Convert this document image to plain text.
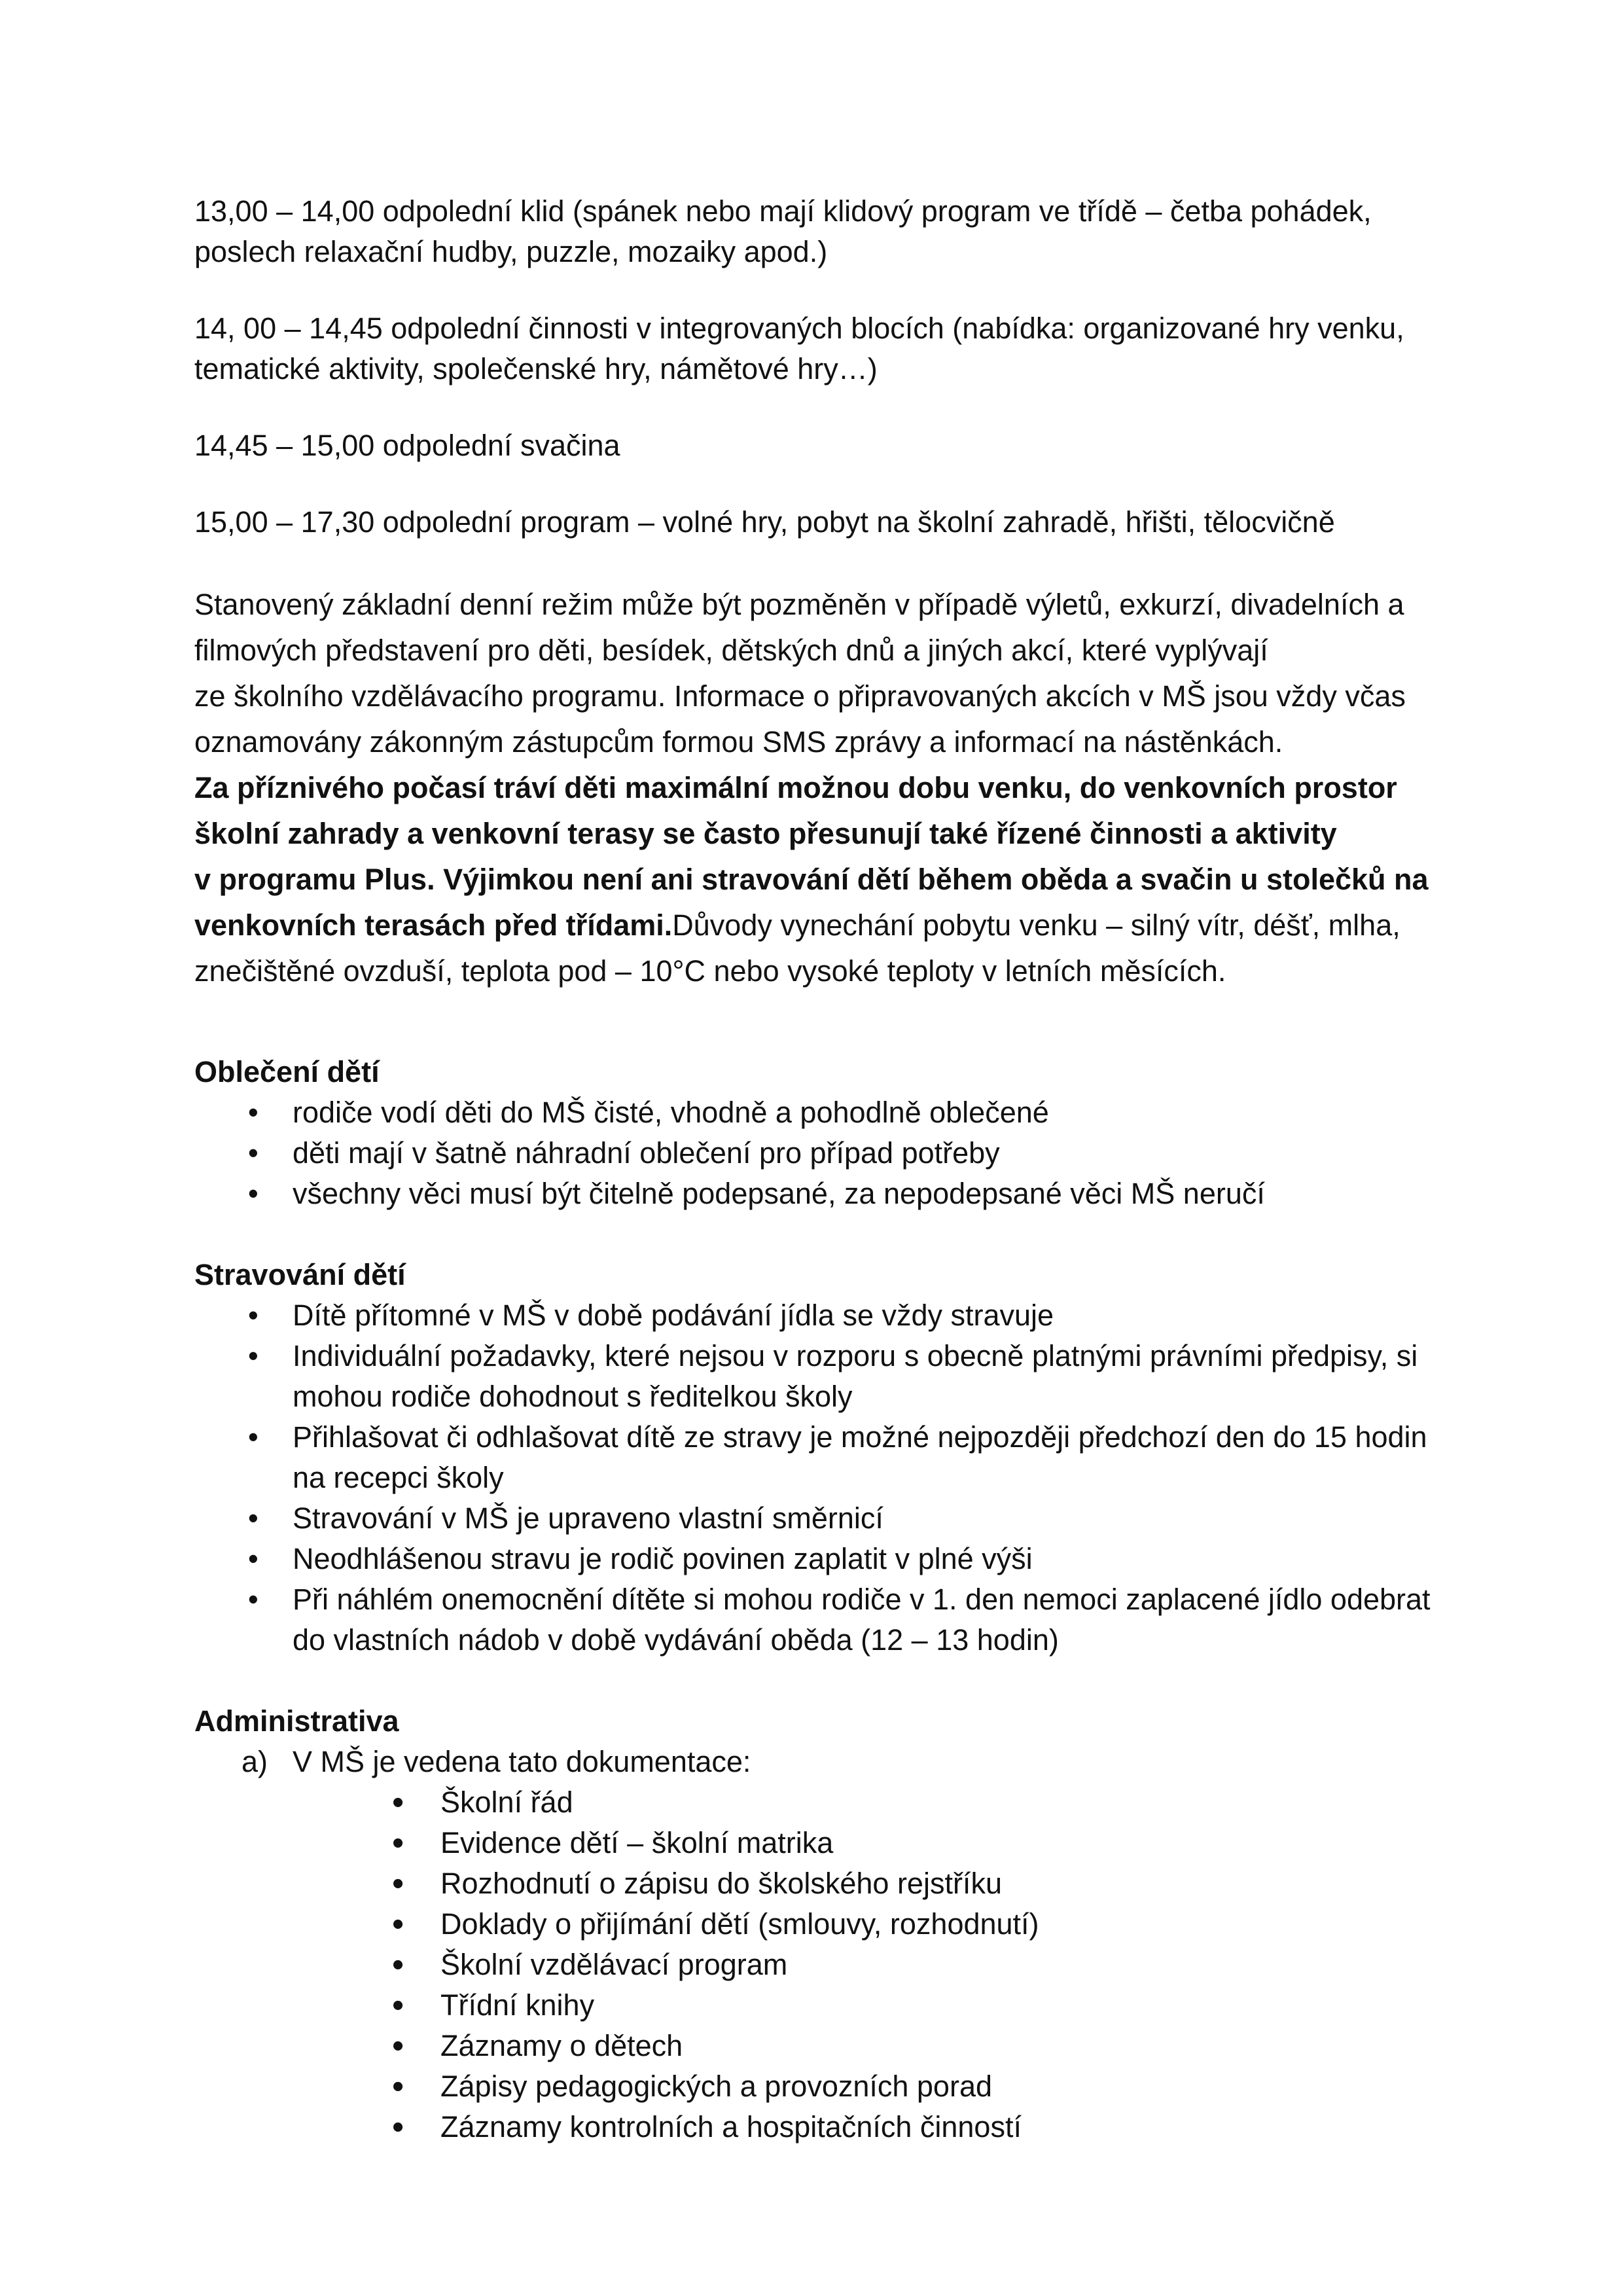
13,00 – 14,00 odpolední klid (spánek nebo mají klidový program ve třídě – četba pohádek, poslech relaxační hudby, puzzle, mozaiky apod.)

14, 00 – 14,45 odpolední činnosti v integrovaných blocích (nabídka: organizované hry venku, tematické aktivity, společenské hry, námětové hry…)

14,45 – 15,00 odpolední svačina

15,00 – 17,30 odpolední program – volné hry, pobyt na školní zahradě, hřišti, tělocvičně

Stanovený základní denní režim může být pozměněn v případě výletů, exkurzí, divadelních a
filmových představení pro děti, besídek, dětských dnů a jiných akcí, které vyplývají
ze školního vzdělávacího programu. Informace o připravovaných akcích v MŠ jsou vždy včas
oznamovány zákonným zástupcům formou SMS zprávy a informací na nástěnkách.
Za příznivého počasí tráví děti maximální možnou dobu venku, do venkovních prostor
školní zahrady a venkovní terasy se často přesunují také řízené činnosti a aktivity
v programu Plus. Výjimkou není ani stravování dětí během oběda a svačin u stolečků na
venkovních terasách před třídami.Důvody vynechání pobytu venku – silný vítr, déšť, mlha,
znečištěné ovzduší, teplota pod – 10°C nebo vysoké teploty v letních měsících.
Oblečení dětí
• rodiče vodí děti do MŠ čisté, vhodně a pohodlně oblečené
• děti mají v šatně náhradní oblečení pro případ potřeby
• všechny věci musí být čitelně podepsané, za nepodepsané věci MŠ neručí
Stravování dětí
• Dítě přítomné v MŠ v době podávání jídla se vždy stravuje
• Individuální požadavky, které nejsou v rozporu s obecně platnými právními předpisy, si mohou rodiče dohodnout s ředitelkou školy
• Přihlašovat či odhlašovat dítě ze stravy je možné nejpozději předchozí den do 15 hodin na recepci školy
• Stravování v MŠ je upraveno vlastní směrnicí
• Neodhlášenou stravu je rodič povinen zaplatit v plné výši
• Při náhlém onemocnění dítěte si mohou rodiče v 1. den nemoci zaplacené jídlo odebrat do vlastních nádob v době vydávání oběda (12 – 13 hodin)
Administrativa
a) V MŠ je vedena tato dokumentace:
• Školní řád
• Evidence dětí – školní matrika
• Rozhodnutí o zápisu do školského rejstříku
• Doklady o přijímání dětí (smlouvy, rozhodnutí)
• Školní vzdělávací program
• Třídní knihy
• Záznamy o dětech
• Zápisy pedagogických a provozních porad
• Záznamy kontrolních a hospitačních činností
